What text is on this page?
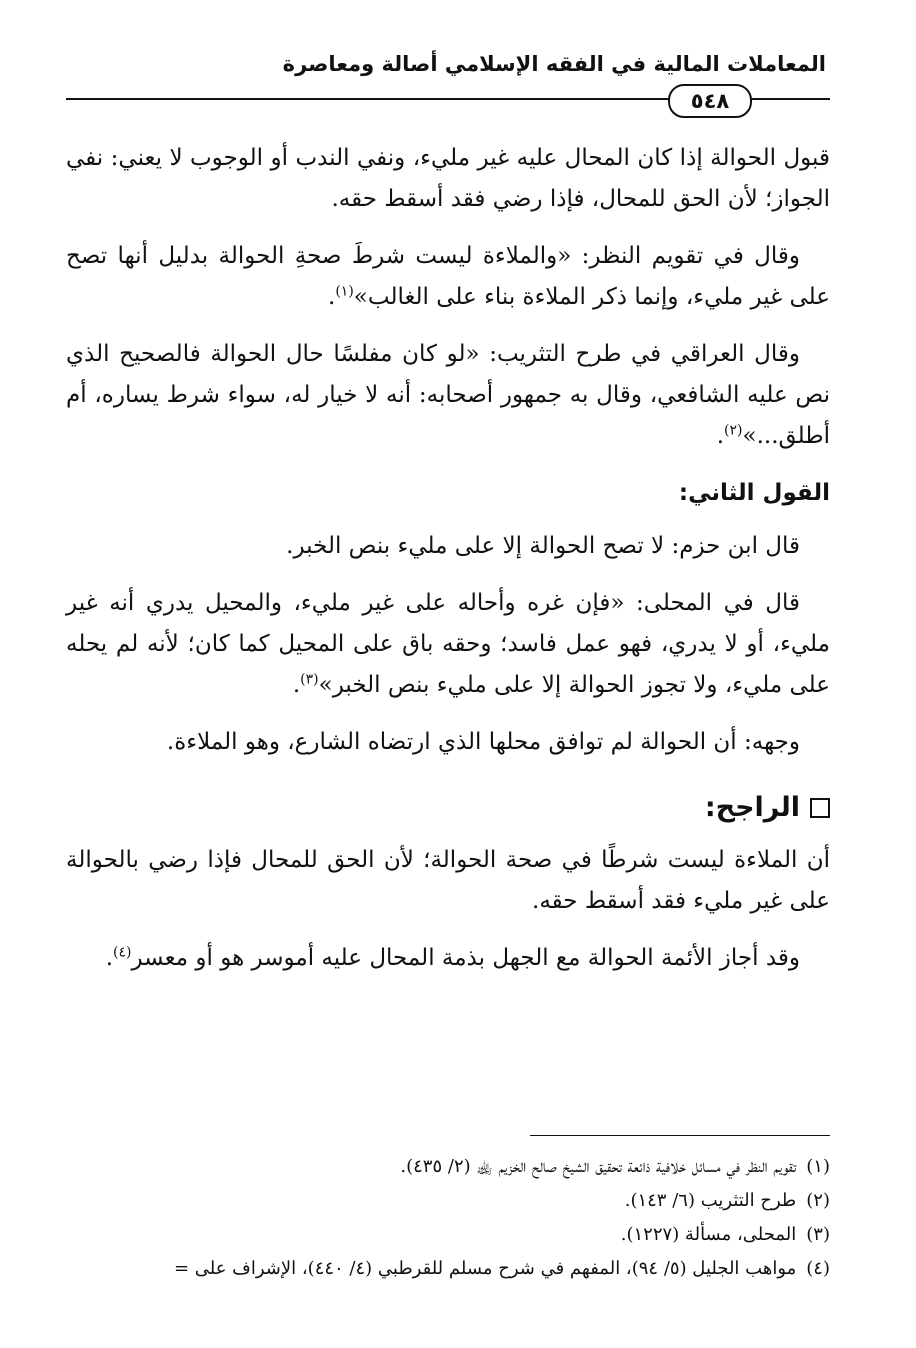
المعاملات المالية في الفقه الإسلامي أصالة ومعاصرة
٥٤٨

قبول الحوالة إذا كان المحال عليه غير مليء، ونفي الندب أو الوجوب لا يعني: نفي الجواز؛ لأن الحق للمحال، فإذا رضي فقد أسقط حقه.

وقال في تقويم النظر: «والملاءة ليست شرطَ صحةِ الحوالة بدليل أنها تصح على غير مليء، وإنما ذكر الملاءة بناء على الغالب»$^{(١)}$.

وقال العراقي في طرح التثريب: «لو كان مفلسًا حال الحوالة فالصحيح الذي نص عليه الشافعي، وقال به جمهور أصحابه: أنه لا خيار له، سواء شرط يساره، أم أطلق...»$^{(٢)}$.

القول الثاني:

قال ابن حزم: لا تصح الحوالة إلا على مليء بنص الخبر.

قال في المحلى: «فإن غره وأحاله على غير مليء، والمحيل يدري أنه غير مليء، أو لا يدري، فهو عمل فاسد؛ وحقه باق على المحيل كما كان؛ لأنه لم يحله على مليء، ولا تجوز الحوالة إلا على مليء بنص الخبر»$^{(٣)}$.

وجهه: أن الحوالة لم توافق محلها الذي ارتضاه الشارع، وهو الملاءة.

الراجح:

أن الملاءة ليست شرطًا في صحة الحوالة؛ لأن الحق للمحال فإذا رضي بالحوالة على غير مليء فقد أسقط حقه.

وقد أجاز الأئمة الحوالة مع الجهل بذمة المحال عليه أموسر هو أو معسر$^{(٤)}$.

(١)
تقويم النظر في مسائل خلافية ذائعة تحقيق الشيخ صالح الخزيم ﵀ (٢/ ٤٣٥).
(٢)
طرح التثريب (٦/ ١٤٣).
(٣)
المحلى، مسألة (١٢٢٧).
(٤)
مواهب الجليل (٥/ ٩٤)، المفهم في شرح مسلم للقرطبي (٤/ ٤٤٠)، الإشراف على =
